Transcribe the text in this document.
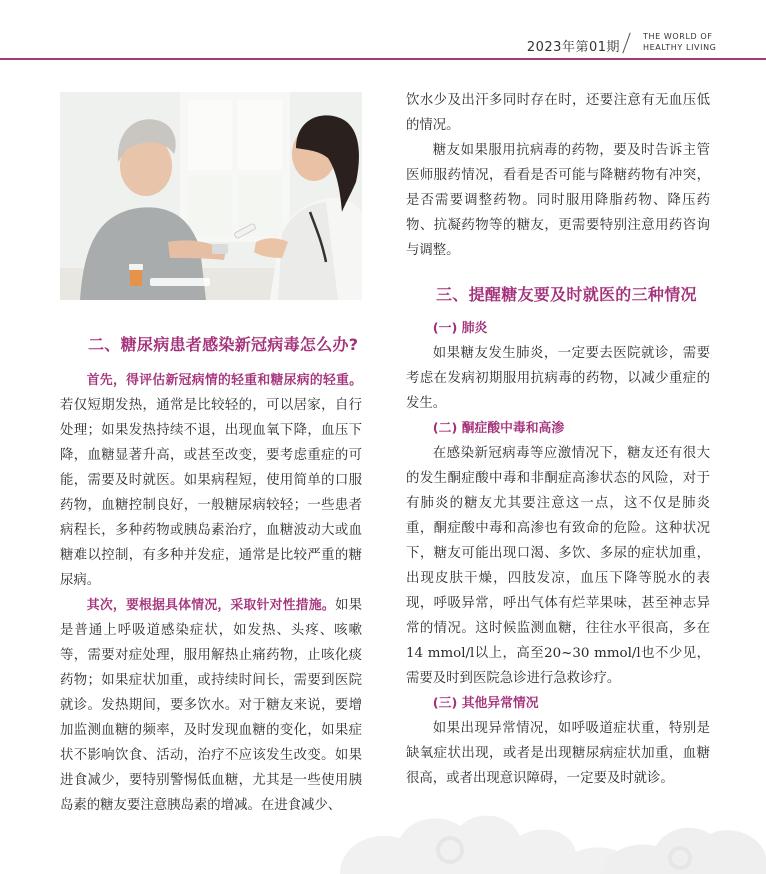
2023年第01期
THE WORLD OF
HEALTHY LIVING
二、糖尿病患者感染新冠病毒怎么办?

首先，得评估新冠病情的轻重和糖尿病的轻重。若仅短期发热，通常是比较轻的，可以居家，自行处理；如果发热持续不退，出现血氧下降，血压下降，血糖显著升高，或甚至改变，要考虑重症的可能，需要及时就医。如果病程短，使用简单的口服药物，血糖控制良好，一般糖尿病较轻；一些患者病程长，多种药物或胰岛素治疗，血糖波动大或血糖难以控制，有多种并发症，通常是比较严重的糖尿病。

其次，要根据具体情况，采取针对性措施。如果是普通上呼吸道感染症状，如发热、头疼、咳嗽等，需要对症处理，服用解热止痛药物，止咳化痰药物；如果症状加重，或持续时间长，需要到医院就诊。发热期间，要多饮水。对于糖友来说，要增加监测血糖的频率，及时发现血糖的变化，如果症状不影响饮食、活动，治疗不应该发生改变。如果进食减少，要特别警惕低血糖，尤其是一些使用胰岛素的糖友要注意胰岛素的增减。在进食减少、

饮水少及出汗多同时存在时，还要注意有无血压低的情况。

糖友如果服用抗病毒的药物，要及时告诉主管医师服药情况，看看是否可能与降糖药物有冲突，是否需要调整药物。同时服用降脂药物、降压药物、抗凝药物等的糖友，更需要特别注意用药咨询与调整。

三、提醒糖友要及时就医的三种情况

(一) 肺炎

如果糖友发生肺炎，一定要去医院就诊，需要考虑在发病初期服用抗病毒的药物，以减少重症的发生。

(二) 酮症酸中毒和高渗

在感染新冠病毒等应激情况下，糖友还有很大的发生酮症酸中毒和非酮症高渗状态的风险，对于有肺炎的糖友尤其要注意这一点，这不仅是肺炎重，酮症酸中毒和高渗也有致命的危险。这种状况下，糖友可能出现口渴、多饮、多尿的症状加重，出现皮肤干燥，四肢发凉，血压下降等脱水的表现，呼吸异常，呼出气体有烂苹果味，甚至神志异常的情况。这时候监测血糖，往往水平很高，多在14 mmol/l以上，高至20~30 mmol/l也不少见，需要及时到医院急诊进行急救诊疗。

(三) 其他异常情况

如果出现异常情况，如呼吸道症状重，特别是缺氧症状出现，或者是出现糖尿病症状加重，血糖很高，或者出现意识障碍，一定要及时就诊。
